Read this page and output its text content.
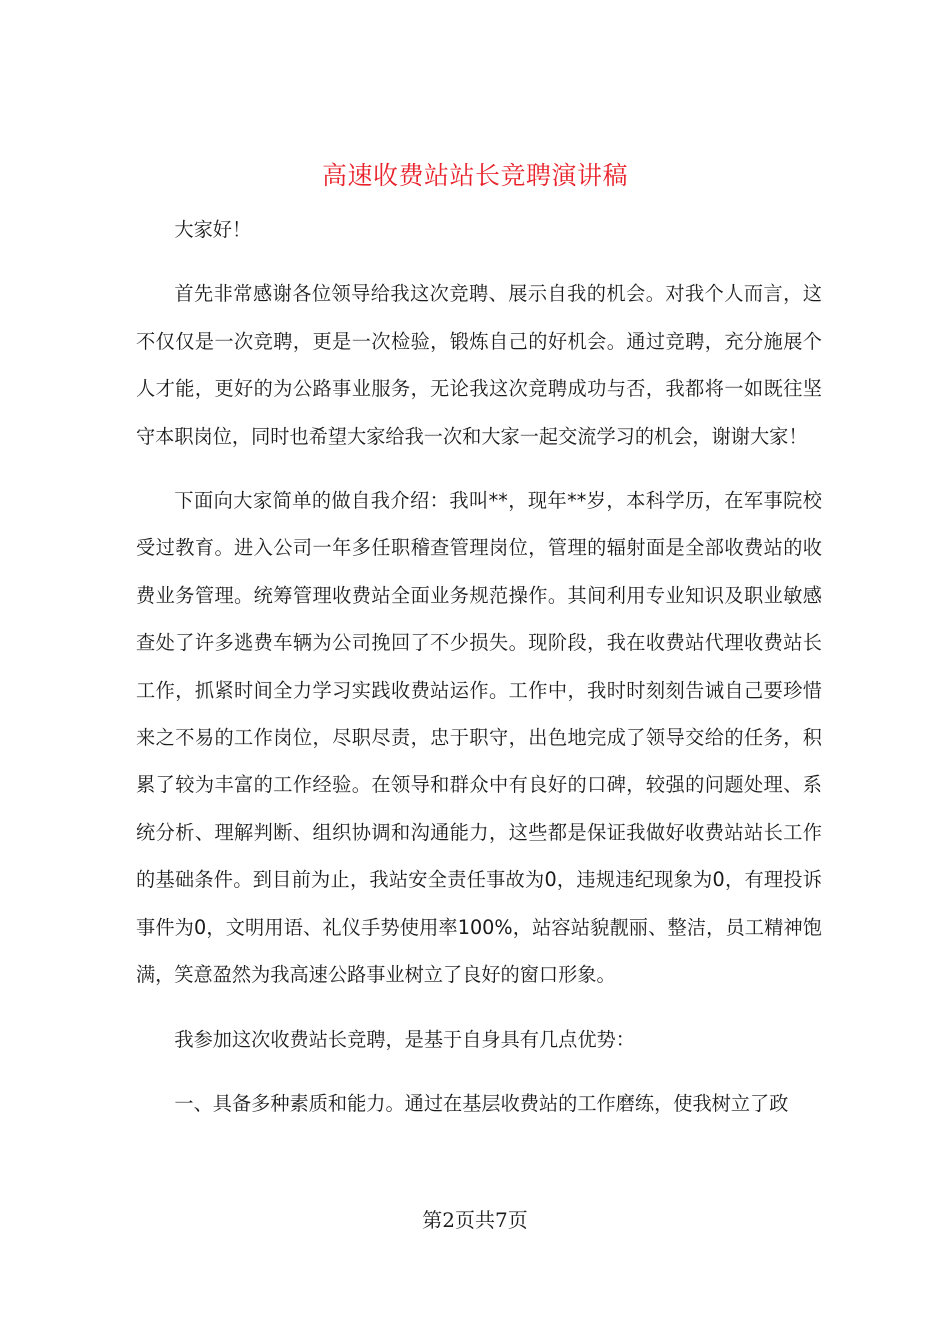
高速收费站站长竞聘演讲稿

大家好！

首先非常感谢各位领导给我这次竞聘、展示自我的机会。对我个人而言，这不仅仅是一次竞聘，更是一次检验，锻炼自己的好机会。通过竞聘，充分施展个人才能，更好的为公路事业服务，无论我这次竞聘成功与否，我都将一如既往坚守本职岗位，同时也希望大家给我一次和大家一起交流学习的机会，谢谢大家！

下面向大家简单的做自我介绍：我叫**，现年**岁，本科学历，在军事院校受过教育。进入公司一年多任职稽查管理岗位，管理的辐射面是全部收费站的收费业务管理。统筹管理收费站全面业务规范操作。其间利用专业知识及职业敏感查处了许多逃费车辆为公司挽回了不少损失。现阶段，我在收费站代理收费站长工作，抓紧时间全力学习实践收费站运作。工作中，我时时刻刻告诫自己要珍惜来之不易的工作岗位，尽职尽责，忠于职守，出色地完成了领导交给的任务，积累了较为丰富的工作经验。在领导和群众中有良好的口碑，较强的问题处理、系统分析、理解判断、组织协调和沟通能力，这些都是保证我做好收费站站长工作的基础条件。到目前为止，我站安全责任事故为0，违规违纪现象为0，有理投诉事件为0，文明用语、礼仪手势使用率100%，站容站貌靓丽、整洁，员工精神饱满，笑意盈然为我高速公路事业树立了良好的窗口形象。

我参加这次收费站长竞聘，是基于自身具有几点优势：

一、具备多种素质和能力。通过在基层收费站的工作磨练，使我树立了政

第2页共7页
